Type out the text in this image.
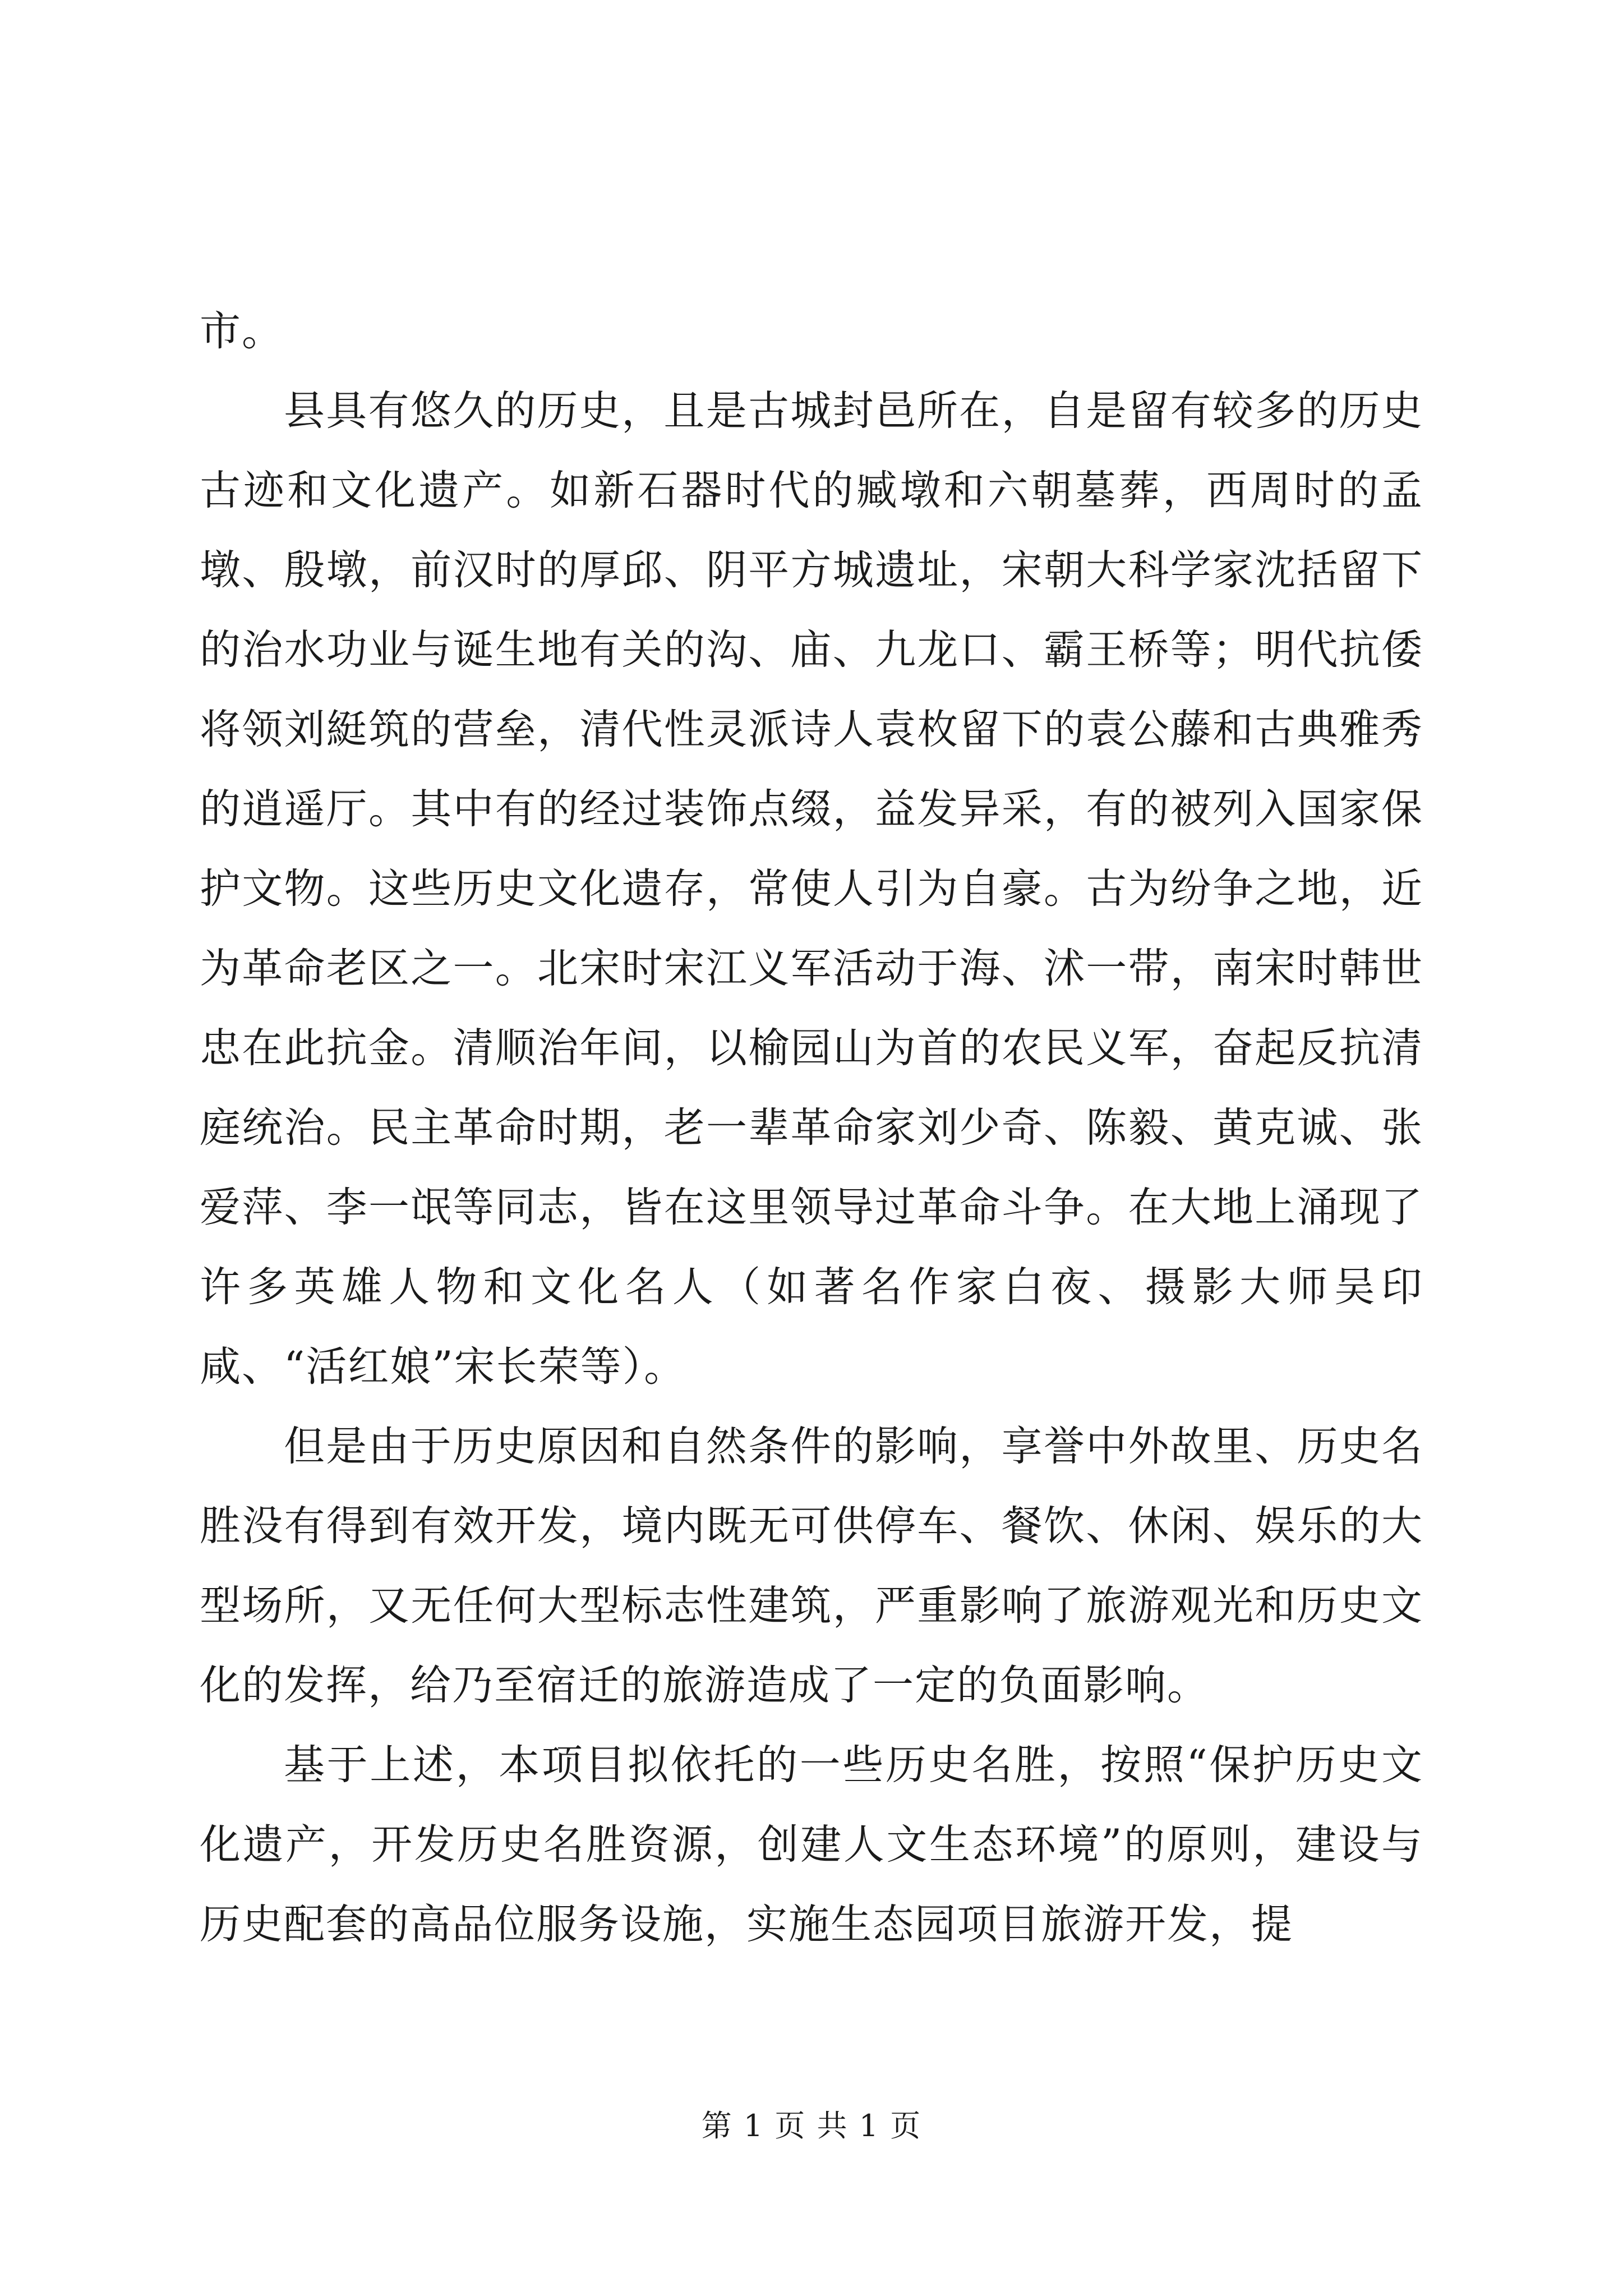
市。

县具有悠久的历史，且是古城封邑所在，自是留有较多的历史古迹和文化遗产。如新石器时代的臧墩和六朝墓葬，西周时的孟墩、殷墩，前汉时的厚邱、阴平方城遗址，宋朝大科学家沈括留下的治水功业与诞生地有关的沟、庙、九龙口、霸王桥等；明代抗倭将领刘綎筑的营垒，清代性灵派诗人袁枚留下的袁公藤和古典雅秀的逍遥厅。其中有的经过装饰点缀，益发异采，有的被列入国家保护文物。这些历史文化遗存，常使人引为自豪。古为纷争之地，近为革命老区之一。北宋时宋江义军活动于海、沭一带，南宋时韩世忠在此抗金。清顺治年间，以榆园山为首的农民义军，奋起反抗清庭统治。民主革命时期，老一辈革命家刘少奇、陈毅、黄克诚、张爱萍、李一氓等同志，皆在这里领导过革命斗争。在大地上涌现了许多英雄人物和文化名人（如著名作家白夜、摄影大师吴印咸、“活红娘”宋长荣等）。

但是由于历史原因和自然条件的影响，享誉中外故里、历史名胜没有得到有效开发，境内既无可供停车、餐饮、休闲、娱乐的大型场所，又无任何大型标志性建筑，严重影响了旅游观光和历史文化的发挥，给乃至宿迁的旅游造成了一定的负面影响。

基于上述，本项目拟依托的一些历史名胜，按照“保护历史文化遗产，开发历史名胜资源，创建人文生态环境”的原则，建设与历史配套的高品位服务设施，实施生态园项目旅游开发，提

第 1 页 共 1 页
